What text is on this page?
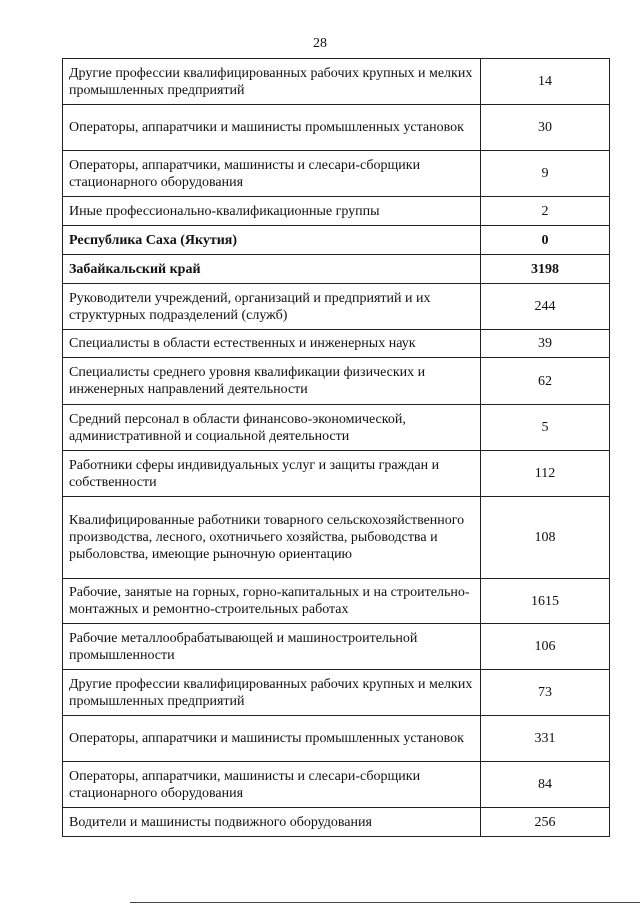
28
Другие профессии квалифицированных рабочих крупных и мелких промышленных предприятий	14
Операторы, аппаратчики и машинисты промышленных установок	30
Операторы, аппаратчики, машинисты и слесари-сборщики стационарного оборудования	9
Иные профессионально-квалификационные группы	2
Республика Саха (Якутия)	0
Забайкальский край	3198
Руководители учреждений, организаций и предприятий и их структурных подразделений (служб)	244
Специалисты в области естественных и инженерных наук	39
Специалисты среднего уровня квалификации физических и инженерных направлений деятельности	62
Средний персонал в области финансово-экономической, административной и социальной деятельности	5
Работники сферы индивидуальных услуг и защиты граждан и собственности	112
Квалифицированные работники товарного сельскохозяйственного производства, лесного, охотничьего хозяйства, рыбоводства и рыболовства, имеющие рыночную ориентацию	108
Рабочие, занятые на горных, горно-капитальных и на строительно-монтажных и ремонтно-строительных работах	1615
Рабочие металлообрабатывающей и машиностроительной промышленности	106
Другие профессии квалифицированных рабочих крупных и мелких промышленных предприятий	73
Операторы, аппаратчики и машинисты промышленных установок	331
Операторы, аппаратчики, машинисты и слесари-сборщики стационарного оборудования	84
Водители и машинисты подвижного оборудования	256
